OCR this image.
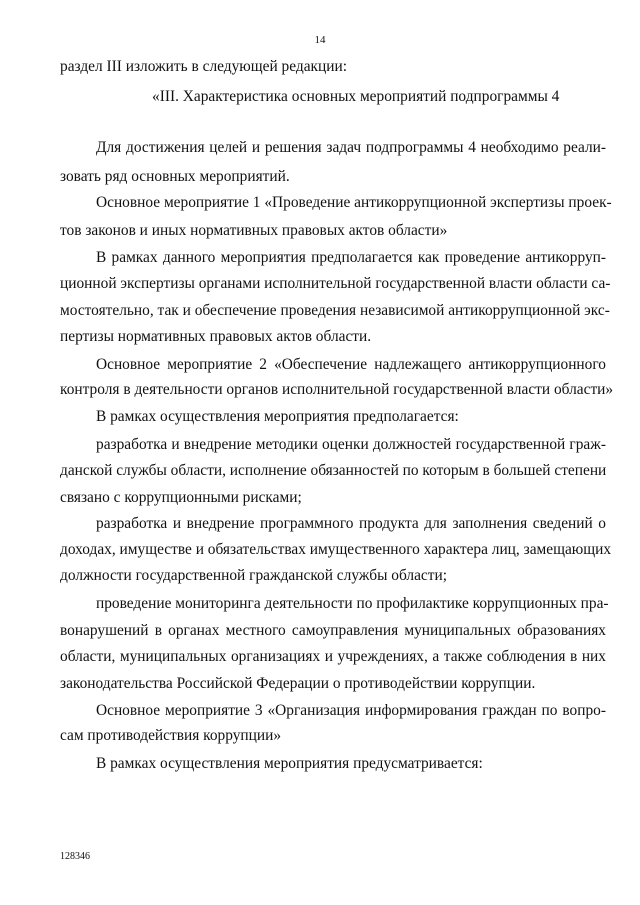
14
раздел III изложить в следующей редакции:
«III. Характеристика основных мероприятий подпрограммы 4
Для достижения целей и решения задач подпрограммы 4 необходимо реали-
зовать ряд основных мероприятий.
Основное мероприятие 1 «Проведение антикоррупционной экспертизы проек-
тов законов и иных нормативных правовых актов области»
В рамках данного мероприятия предполагается как проведение антикорруп-
ционной экспертизы органами исполнительной государственной власти области са-
мостоятельно, так и обеспечение проведения независимой антикоррупционной экс-
пертизы нормативных правовых актов области.
Основное мероприятие 2 «Обеспечение надлежащего антикоррупционного
контроля в деятельности органов исполнительной государственной власти области»
В рамках осуществления мероприятия предполагается:
разработка и внедрение методики оценки должностей государственной граж-
данской службы области, исполнение обязанностей по которым в большей степени
связано с коррупционными рисками;
разработка и внедрение программного продукта для заполнения сведений о
доходах, имуществе и обязательствах имущественного характера лиц, замещающих
должности государственной гражданской службы области;
проведение мониторинга деятельности по профилактике коррупционных пра-
вонарушений в органах местного самоуправления муниципальных образованиях
области, муниципальных организациях и учреждениях, а также соблюдения в них
законодательства Российской Федерации о противодействии коррупции.
Основное мероприятие 3 «Организация информирования граждан по вопро-
сам противодействия коррупции»
В рамках осуществления мероприятия предусматривается:
128346
